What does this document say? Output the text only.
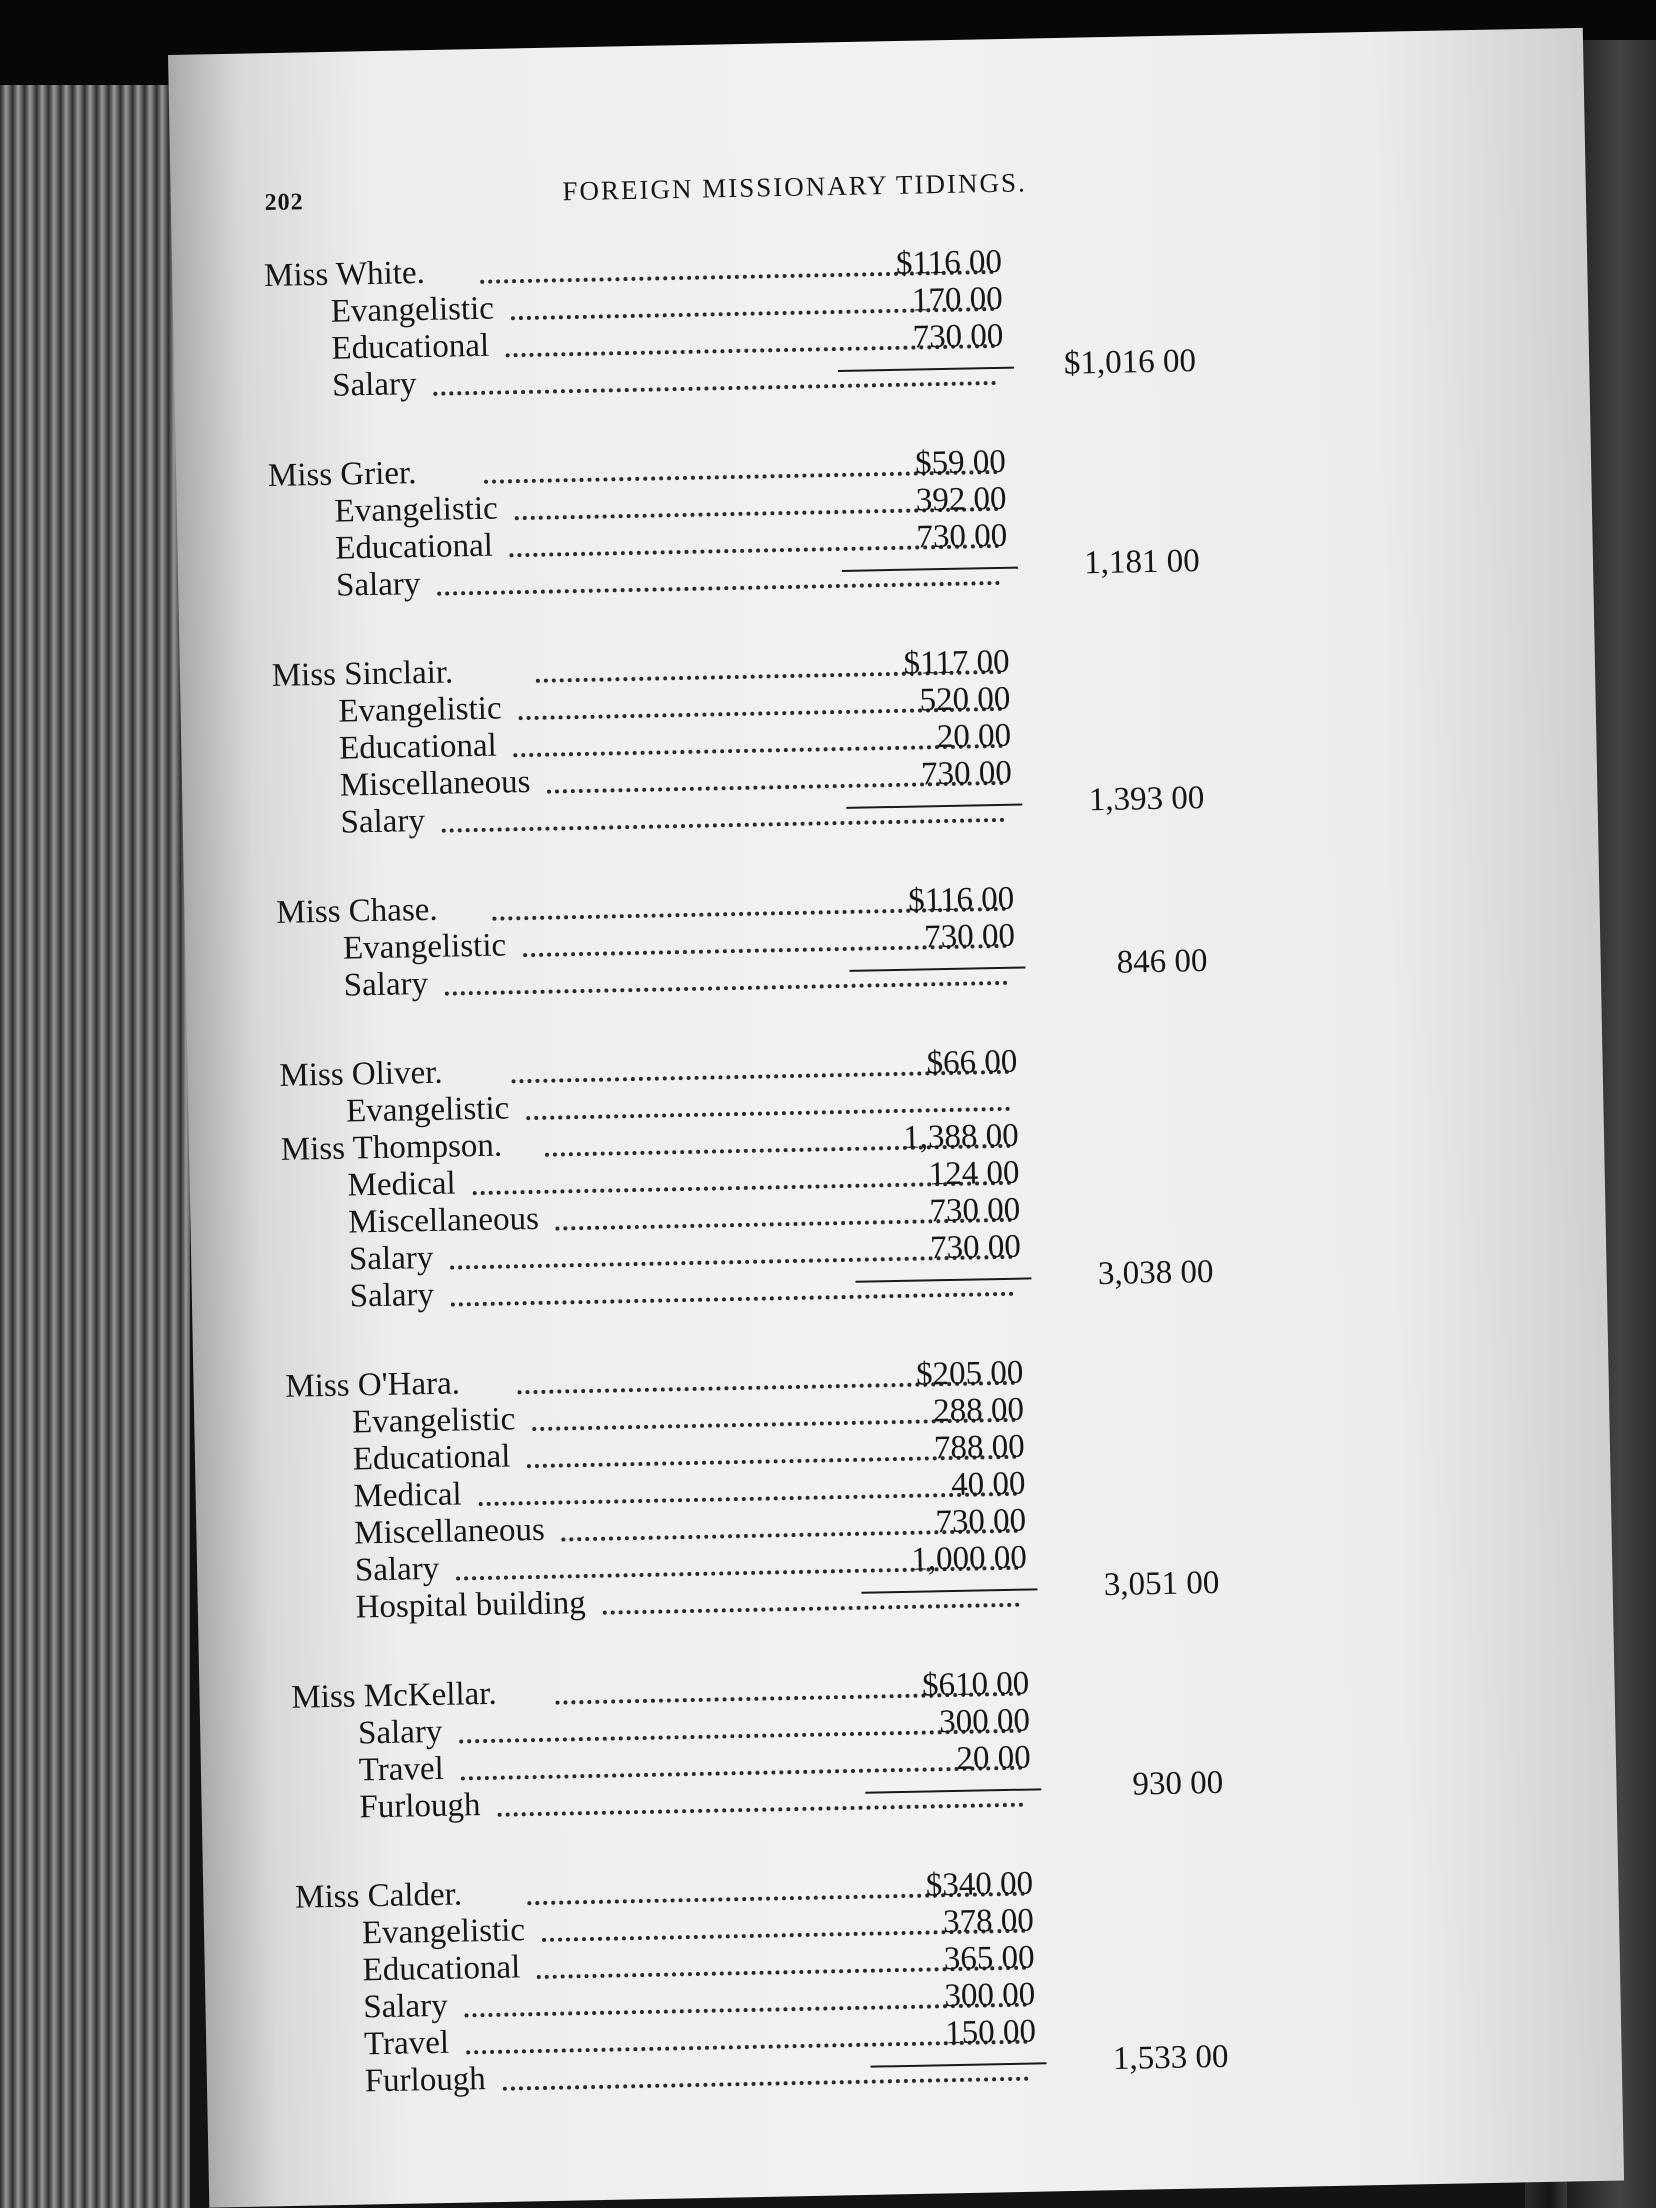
202	FOREIGN MISSIONARY TIDINGS.
Miss White.	$116 00
Evangelistic	170 00
Educational	730 00
Salary
$1,016 00
Miss Grier.	$59 00
Evangelistic	392 00
Educational	730 00
Salary
1,181 00
Miss Sinclair.	$117 00
Evangelistic	520 00
Educational	20 00
Miscellaneous	730 00
Salary
1,393 00
Miss Chase.	$116 00
Evangelistic	730 00
Salary
846 00
Miss Oliver.	$66 00
Evangelistic
Miss Thompson.	1,388 00
Medical	124 00
Miscellaneous	730 00
Salary	730 00
Salary
3,038 00
Miss O'Hara.	$205 00
Evangelistic	288 00
Educational	788 00
Medical	40 00
Miscellaneous	730 00
Salary	1,000 00
Hospital building
3,051 00
Miss McKellar.	$610 00
Salary	300 00
Travel	20 00
Furlough
930 00
Miss Calder.	$340 00
Evangelistic	378 00
Educational	365 00
Salary	300 00
Travel	150 00
Furlough
1,533 00
